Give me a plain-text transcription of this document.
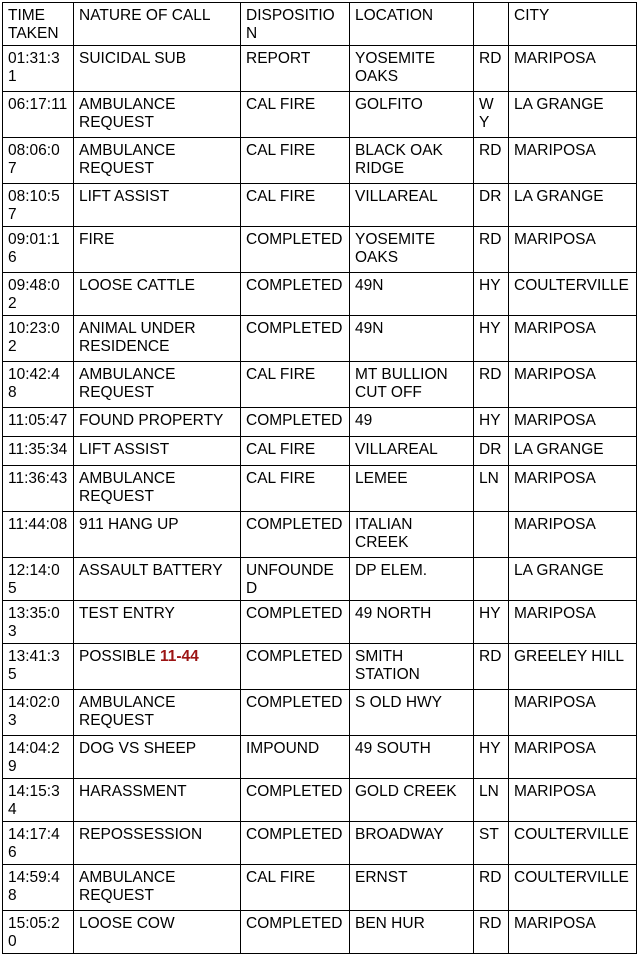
TIME TAKEN	NATURE OF CALL	DISPOSITION	LOCATION		CITY
01:31:31	SUICIDAL SUB	REPORT	YOSEMITE OAKS	RD	MARIPOSA
06:17:11	AMBULANCE REQUEST	CAL FIRE	GOLFITO	WY	LA GRANGE
08:06:07	AMBULANCE REQUEST	CAL FIRE	BLACK OAK RIDGE	RD	MARIPOSA
08:10:57	LIFT ASSIST	CAL FIRE	VILLAREAL	DR	LA GRANGE
09:01:16	FIRE	COMPLETED	YOSEMITE OAKS	RD	MARIPOSA
09:48:02	LOOSE CATTLE	COMPLETED	49N	HY	COULTERVILLE
10:23:02	ANIMAL UNDER RESIDENCE	COMPLETED	49N	HY	MARIPOSA
10:42:48	AMBULANCE REQUEST	CAL FIRE	MT BULLION CUT OFF	RD	MARIPOSA
11:05:47	FOUND PROPERTY	COMPLETED	49	HY	MARIPOSA
11:35:34	LIFT ASSIST	CAL FIRE	VILLAREAL	DR	LA GRANGE
11:36:43	AMBULANCE REQUEST	CAL FIRE	LEMEE	LN	MARIPOSA
11:44:08	911 HANG UP	COMPLETED	ITALIAN CREEK		MARIPOSA
12:14:05	ASSAULT BATTERY	UNFOUNDED	DP ELEM.		LA GRANGE
13:35:03	TEST ENTRY	COMPLETED	49 NORTH	HY	MARIPOSA
13:41:35	POSSIBLE 11-44	COMPLETED	SMITH STATION	RD	GREELEY HILL
14:02:03	AMBULANCE REQUEST	COMPLETED	S OLD HWY		MARIPOSA
14:04:29	DOG VS SHEEP	IMPOUND	49 SOUTH	HY	MARIPOSA
14:15:34	HARASSMENT	COMPLETED	GOLD CREEK	LN	MARIPOSA
14:17:46	REPOSSESSION	COMPLETED	BROADWAY	ST	COULTERVILLE
14:59:48	AMBULANCE REQUEST	CAL FIRE	ERNST	RD	COULTERVILLE
15:05:20	LOOSE COW	COMPLETED	BEN HUR	RD	MARIPOSA
